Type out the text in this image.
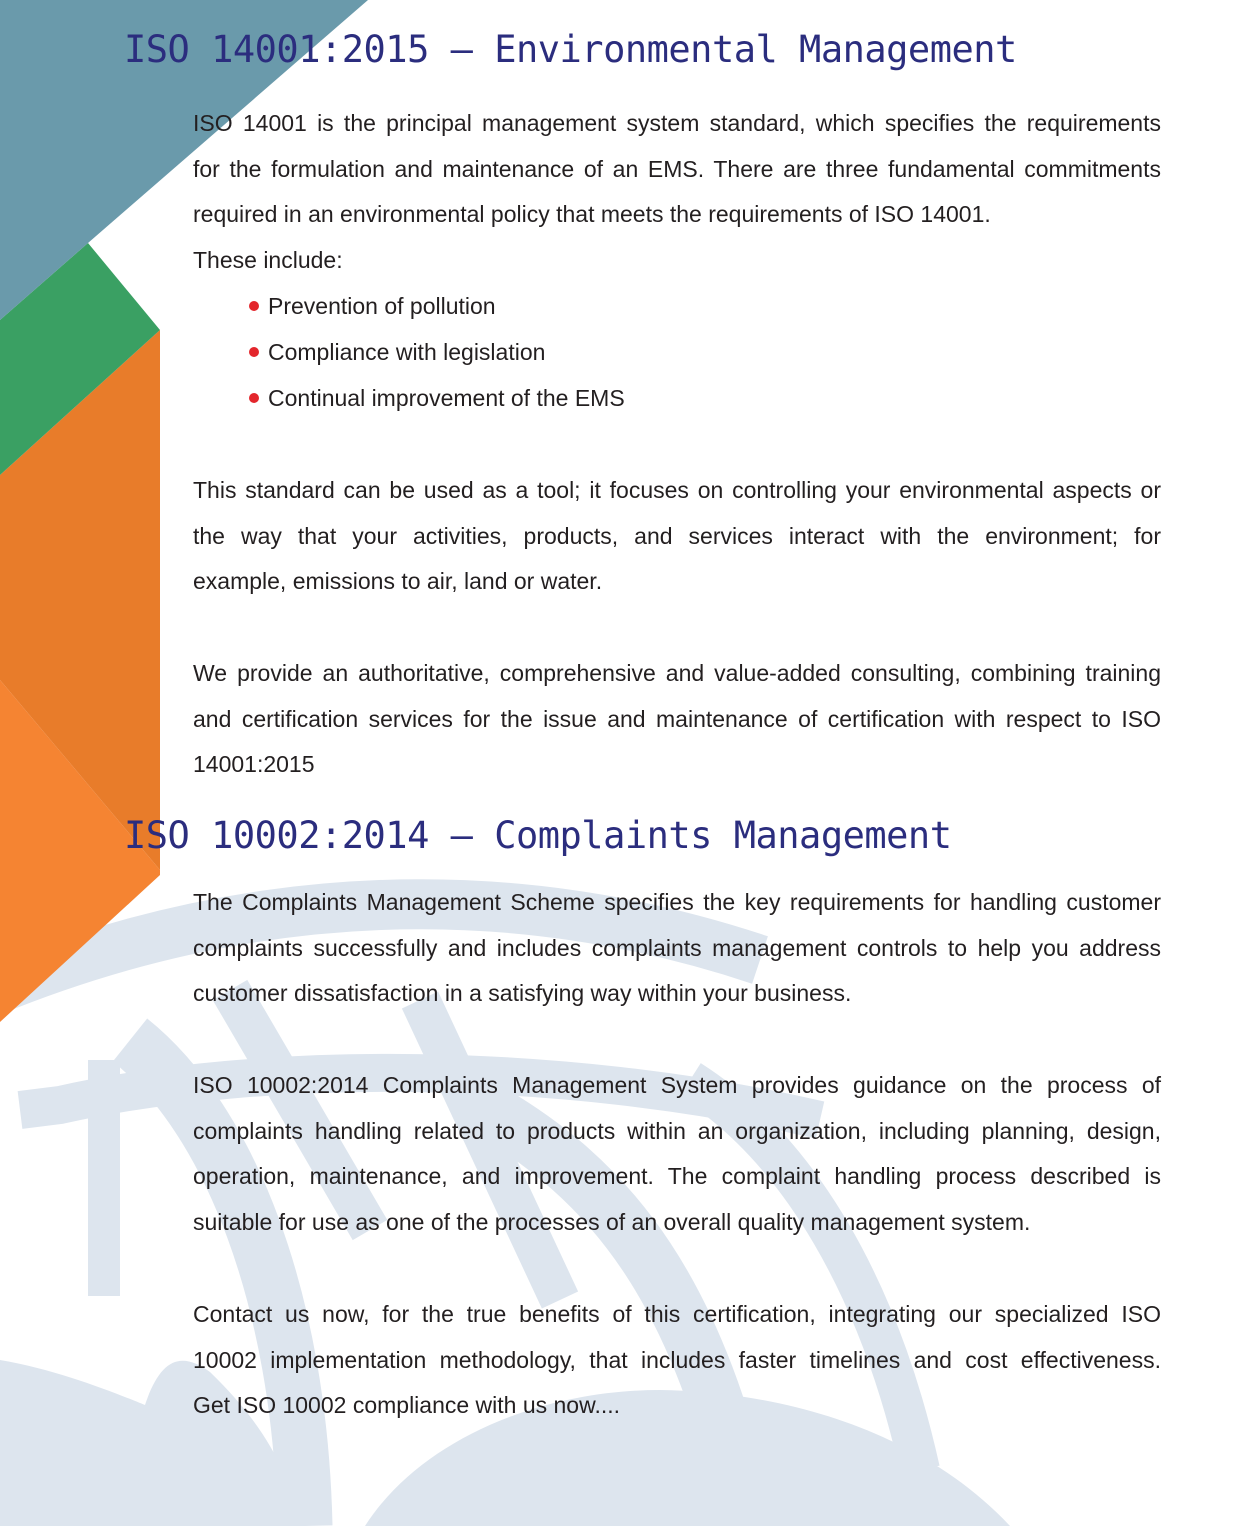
ISO 14001:2015 – Environmental Management

ISO 14001 is the principal management system standard, which specifies the requirements
for the formulation and maintenance of an EMS. There are three fundamental commitments
required in an environmental policy that meets the requirements of ISO 14001.
These include:

Prevention of pollution
Compliance with legislation
Continual improvement of the EMS

This standard can be used as a tool; it focuses on controlling your environmental aspects or
the way that your activities, products, and services interact with the environment; for
example, emissions to air, land or water.

We provide an authoritative, comprehensive and value-added consulting, combining training
and certification services for the issue and maintenance of certification with respect to ISO
14001:2015

ISO 10002:2014 – Complaints Management

The Complaints Management Scheme specifies the key requirements for handling customer
complaints successfully and includes complaints management controls to help you address
customer dissatisfaction in a satisfying way within your business.

ISO 10002:2014 Complaints Management System provides guidance on the process of
complaints handling related to products within an organization, including planning, design,
operation, maintenance, and improvement. The complaint handling process described is
suitable for use as one of the processes of an overall quality management system.

Contact us now, for the true benefits of this certification, integrating our specialized ISO
10002 implementation methodology, that includes faster timelines and cost effectiveness.
Get ISO 10002 compliance with us now....
